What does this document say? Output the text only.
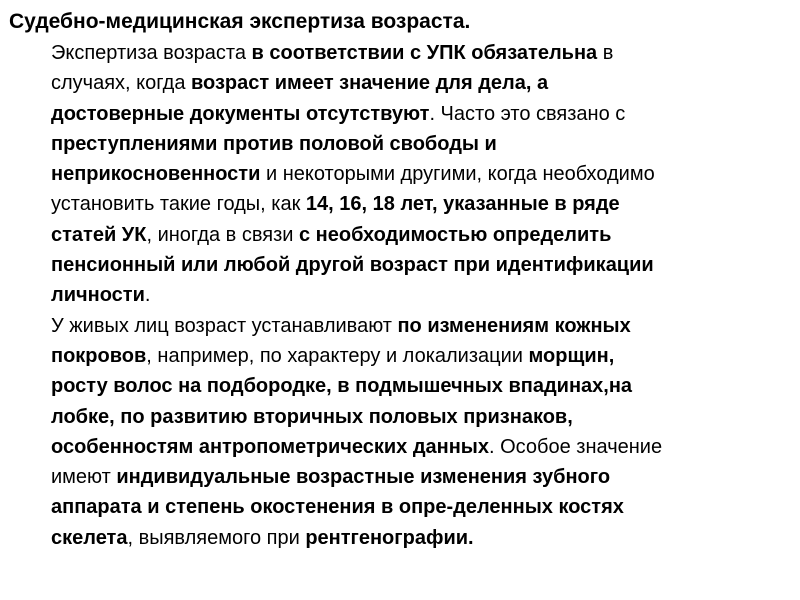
Судебно-медицинская экспертиза возраста.

Экспертиза возраста в соответствии с УПК обязательна в
случаях, когда возраст имеет значение для дела, а
достоверные документы отсутствуют. Часто это связано с
преступлениями против половой свободы и
неприкосновенности и некоторыми другими, когда необходимо
установить такие годы, как 14, 16, 18 лет, указанные в ряде
статей УК, иногда в связи с необходимостью определить
пенсионный или любой другой возраст при идентификации
личности.

У живых лиц возраст устанавливают по изменениям кожных
покровов, например, по характеру и локализации морщин,
росту волос на подбородке, в подмышечных впадинах,на
лобке, по развитию вторичных половых признаков,
особенностям антропометрических данных. Особое значение
имеют индивидуальные возрастные изменения зубного
аппарата и степень окостенения в опре-деленных костях
скелета, выявляемого при рентгенографии.
